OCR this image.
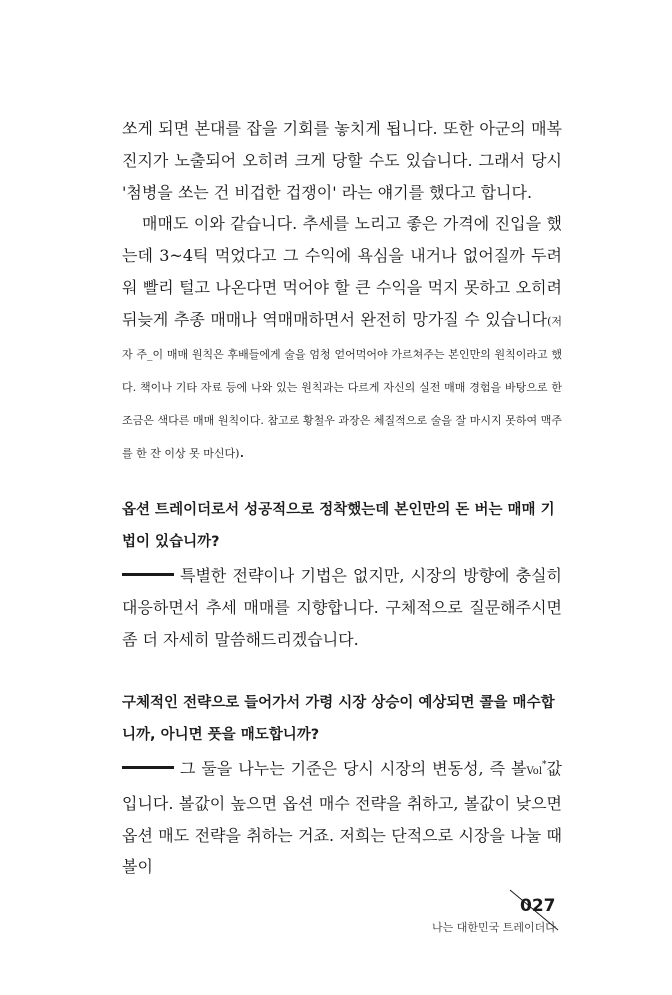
쏘게 되면 본대를 잡을 기회를 놓치게 됩니다. 또한 아군의 매복 진지가 노출되어 오히려 크게 당할 수도 있습니다. 그래서 당시 '첨병을 쏘는 건 비겁한 겁쟁이' 라는 얘기를 했다고 합니다.

매매도 이와 같습니다. 추세를 노리고 좋은 가격에 진입을 했는데 3~4틱 먹었다고 그 수익에 욕심을 내거나 없어질까 두려워 빨리 털고 나온다면 먹어야 할 큰 수익을 먹지 못하고 오히려 뒤늦게 추종 매매나 역매매하면서 완전히 망가질 수 있습니다(저자 주_이 매매 원칙은 후배들에게 술을 엄청 얻어먹어야 가르쳐주는 본인만의 원칙이라고 했다. 책이나 기타 자료 등에 나와 있는 원칙과는 다르게 자신의 실전 매매 경험을 바탕으로 한 조금은 색다른 매매 원칙이다. 참고로 황철우 과장은 체질적으로 술을 잘 마시지 못하여 맥주를 한 잔 이상 못 마신다).

옵션 트레이더로서 성공적으로 정착했는데 본인만의 돈 버는 매매 기법이 있습니까?

특별한 전략이나 기법은 없지만, 시장의 방향에 충실히 대응하면서 추세 매매를 지향합니다. 구체적으로 질문해주시면 좀 더 자세히 말씀해드리겠습니다.

구체적인 전략으로 들어가서 가령 시장 상승이 예상되면 콜을 매수합니까, 아니면 풋을 매도합니까?

그 둘을 나누는 기준은 당시 시장의 변동성, 즉 볼Vol*값입니다. 볼값이 높으면 옵션 매수 전략을 취하고, 볼값이 낮으면 옵션 매도 전략을 취하는 거죠. 저희는 단적으로 시장을 나눌 때 볼이

027
나는 대한민국 트레이더다
